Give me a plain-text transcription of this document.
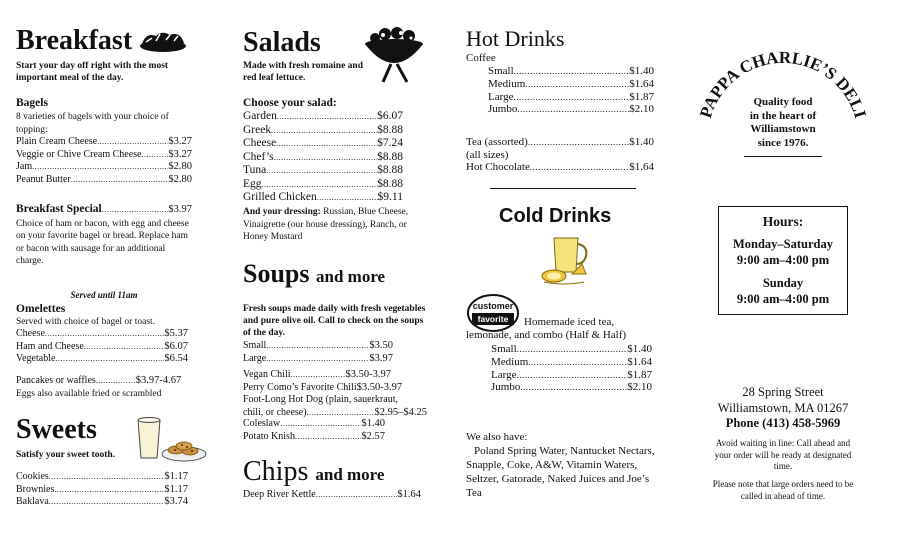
Breakfast
Start your day off right with the most important meal of the day.
Bagels
8 varieties of bagels with your choice of topping:
Plain Cream Cheese .....	$3.27
Veggie or Chive Cream Cheese .....	$3.27
Jam .....	$2.80
Peanut Butter .....	$2.80
Breakfast Special .....	$3.97
Choice of ham or bacon, with egg and cheese on your favorite bagel or bread. Replace ham or bacon with sausage for an additional charge.
Served until 11am
Omelettes
Served with choice of bagel or toast.
Cheese .....	$5.37
Ham and Cheese .....	$6.07
Vegetable .....	$6.54
Pancakes or waffles .....	$3.97-4.67
Eggs also available fried or scrambled
Sweets
Satisfy your sweet tooth.
Cookies .....	$1.17
Brownies .....	$1.17
Baklava .....	$3.74
Salads
Made with fresh romaine and red leaf lettuce.
Choose your salad:
Garden .....	$6.07
Greek .....	$8.88
Cheese .....	$7.24
Chef’s .....	$8.88
Tuna .....	$8.88
Egg .....	$8.88
Grilled Chicken .....	$9.11
And your dressing: Russian, Blue Cheese, Vinaigrette (our house dressing), Ranch, or Honey Mustard
Soups and more
Fresh soups made daily with fresh vegetables and pure olive oil. Call to check on the soups of the day.
Small .....	$3.50
Large .....	$3.97
Vegan Chili .....	$3.50-3.97
Perry Como’s Favorite Chili $3.50-3.97
Foot-Long Hot Dog (plain, sauerkraut,
chili, or cheese) .....	$2.95–$4.25
Coleslaw .....	$1.40
Potato Knish .....	$2.57
Chips and more
Deep River Kettle .....	$1.64
Hot Drinks
Coffee
Small .....	$1.40
Medium .....	$1.64
Large .....	$1.87
Jumbo .....	$2.10
Tea (assorted) .....	$1.40
(all sizes)
Hot Chocolate .....	$1.64
Cold Drinks
customer
favorite	Homemade iced tea, lemonade, and combo (Half & Half)
Small .....	$1.40
Medium .....	$1.64
Large .....	$1.87
Jumbo .....	$2.10
We also have:
Poland Spring Water, Nantucket Nectars, Snapple, Coke, A&W, Vitamin Waters, Seltzer, Gatorade, Naked Juices and Joe’s Tea
PAPPA CHARLIE’S DELI
Quality food
in the heart of
Williamstown
since 1976.
Hours:
Monday–Saturday
9:00 am–4:00 pm
Sunday
9:00 am–4:00 pm
28 Spring Street
Williamstown, MA 01267
Phone (413) 458-5969
Avoid waiting in line: Call ahead and your order will be ready at designated time.
Please note that large orders need to be called in ahead of time.
